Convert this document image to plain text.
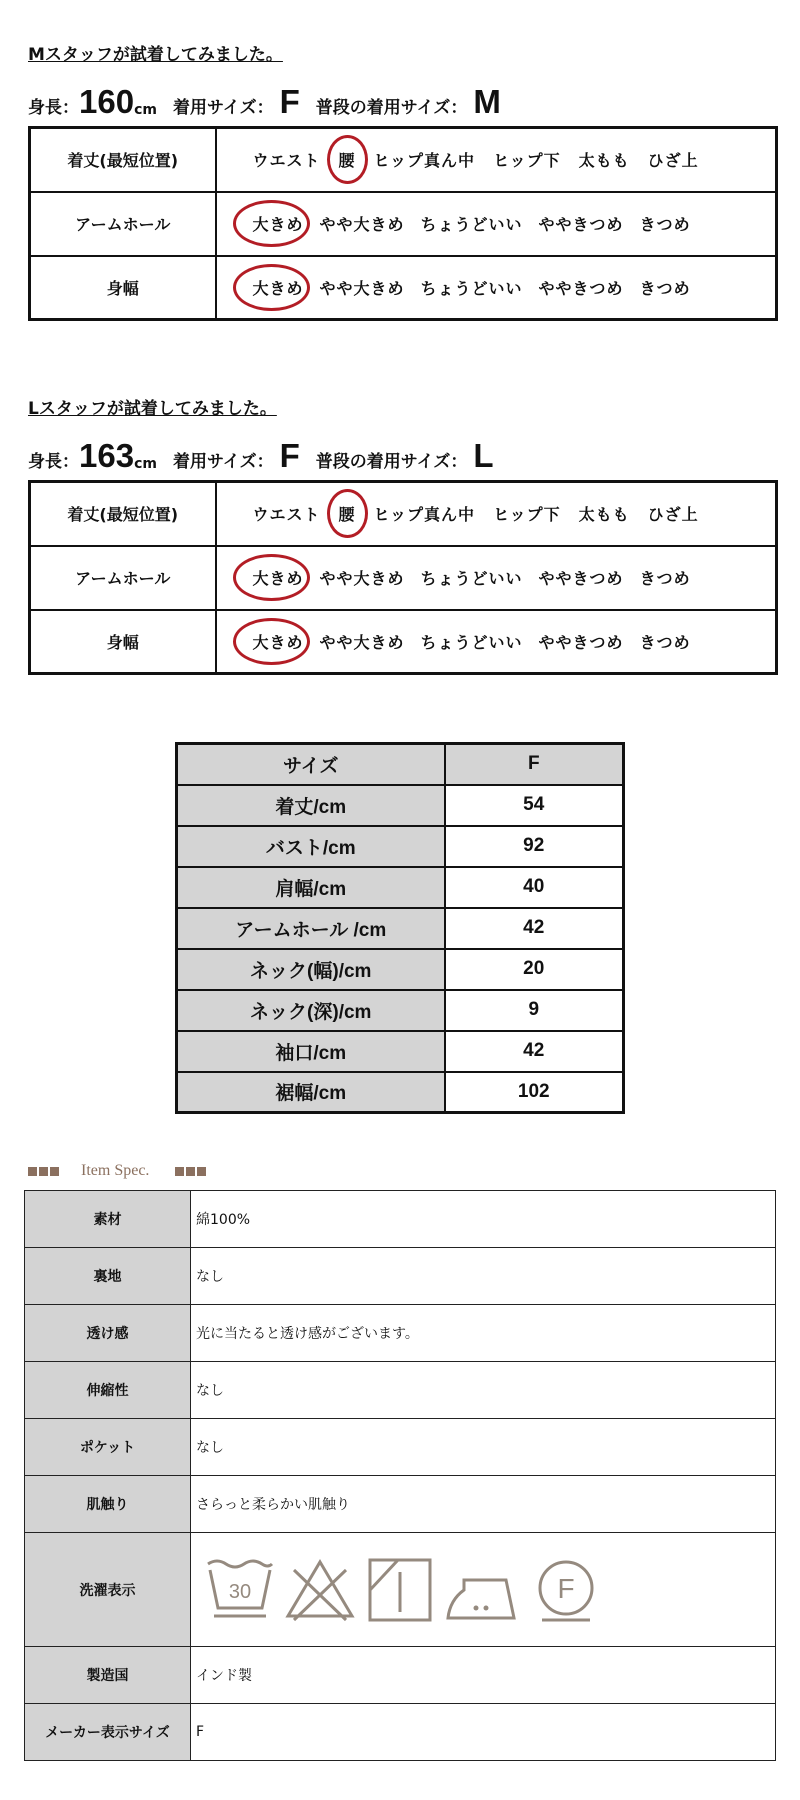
Mスタッフが試着してみました。
身長： 160 cm 着用サイズ： F 普段の着用サイズ： M
着丈(最短位置)	ウエスト 腰 ヒップ真ん中 ヒップ下 太もも ひざ上
アームホール	大きめ やや大きめ ちょうどいい ややきつめ きつめ
身幅	大きめ やや大きめ ちょうどいい ややきつめ きつめ
Lスタッフが試着してみました。
身長： 163 cm 着用サイズ： F 普段の着用サイズ： L
着丈(最短位置)	ウエスト 腰 ヒップ真ん中 ヒップ下 太もも ひざ上
アームホール	大きめ やや大きめ ちょうどいい ややきつめ きつめ
身幅	大きめ やや大きめ ちょうどいい ややきつめ きつめ
サイズ	F
着丈/cm	54
バスト/cm	92
肩幅/cm	40
アームホール /cm	42
ネック(幅)/cm	20
ネック(深)/cm	9
袖口/cm	42
裾幅/cm	102
Item Spec.
素材	綿100%
裏地	なし
透け感	光に当たると透け感がございます。
伸縮性	なし
ポケット	なし
肌触り	さらっと柔らかい肌触り
洗濯表示	30 F

製造国	インド製
メーカー表示サイズ	F
